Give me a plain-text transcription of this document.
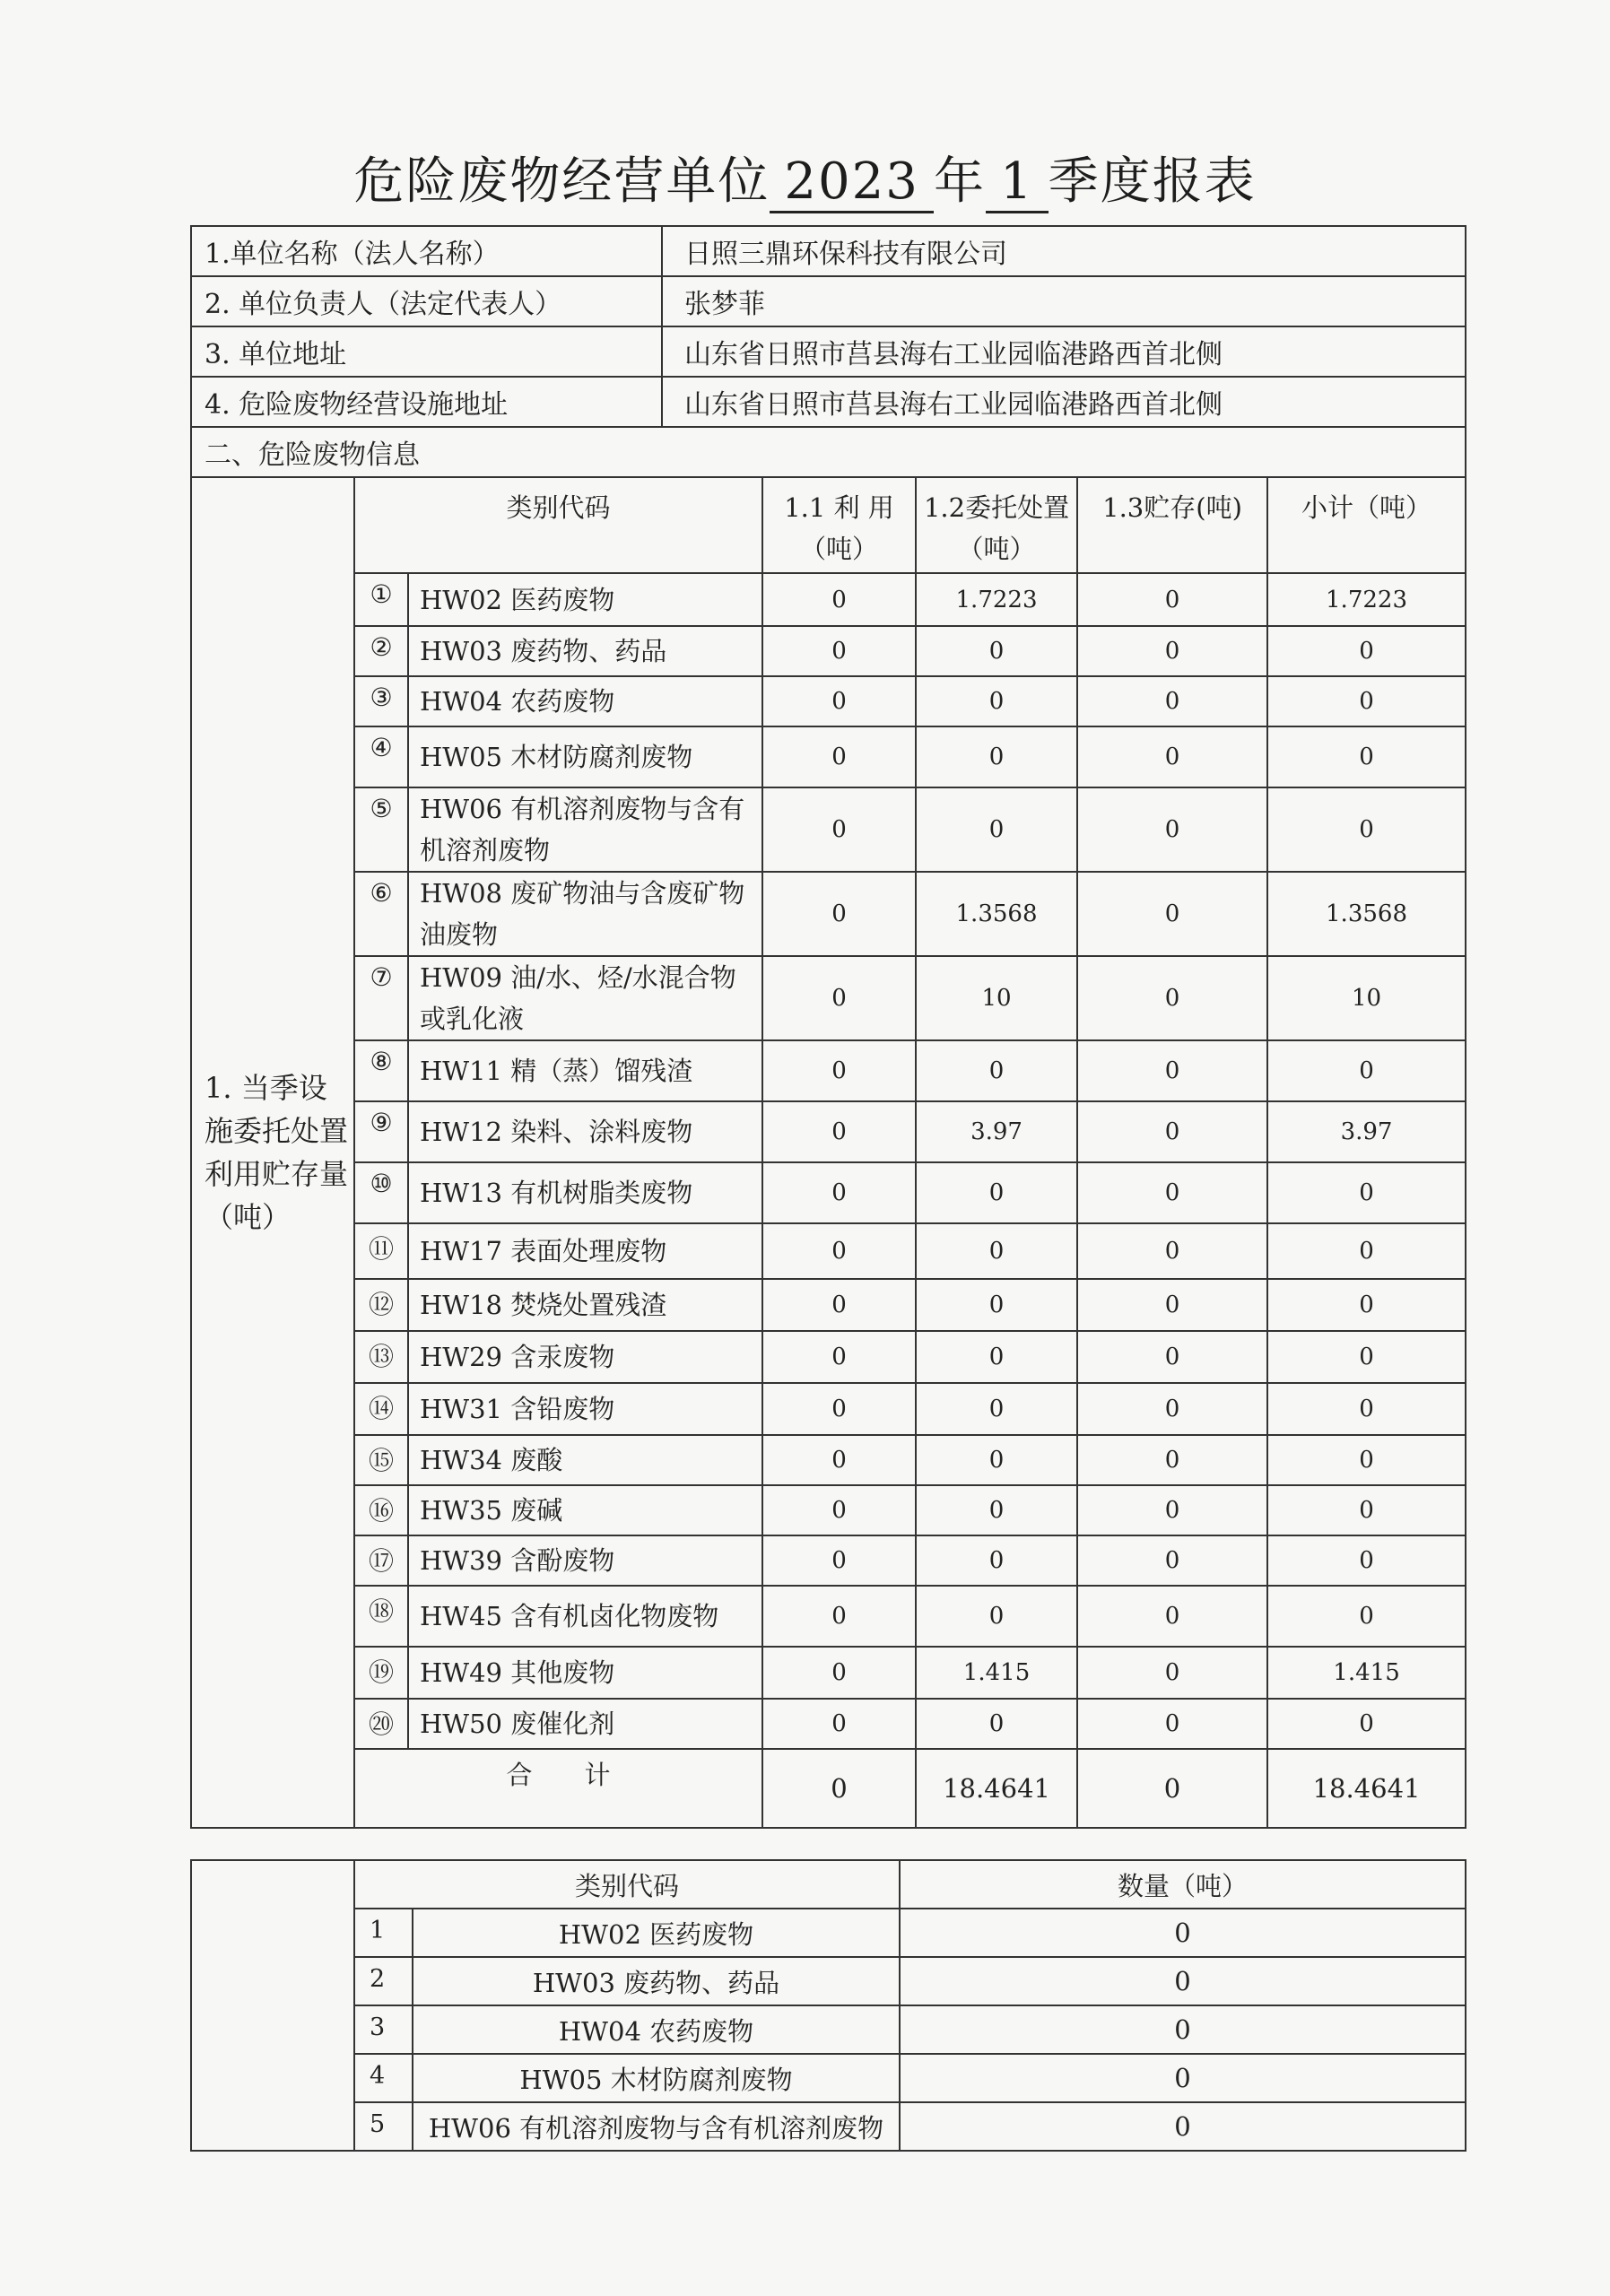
危险废物经营单位 2023 年 1 季度报表
1.单位名称（法人名称）	日照三鼎环保科技有限公司
2. 单位负责人（法定代表人）	张梦菲
3. 单位地址	山东省日照市莒县海右工业园临港路西首北侧
4. 危险废物经营设施地址	山东省日照市莒县海右工业园临港路西首北侧
二、危险废物信息	
1. 当季设施委托处置利用贮存量（吨）	类别代码		1.1 利 用（吨）	1.2委托处置（吨）	1.3贮存(吨)	小计（吨）
	①	HW02 医药废物	0	1.7223	0	1.7223
	②	HW03 废药物、药品	0	0	0	0
	③	HW04 农药废物	0	0	0	0
	④	HW05 木材防腐剂废物	0	0	0	0
	⑤	HW06 有机溶剂废物与含有机溶剂废物	0	0	0	0
	⑥	HW08 废矿物油与含废矿物油废物	0	1.3568	0	1.3568
	⑦	HW09 油/水、烃/水混合物或乳化液	0	10	0	10
	⑧	HW11 精（蒸）馏残渣	0	0	0	0
	⑨	HW12 染料、涂料废物	0	3.97	0	3.97
	⑩	HW13 有机树脂类废物	0	0	0	0
	⑪	HW17 表面处理废物	0	0	0	0
	⑫	HW18 焚烧处置残渣	0	0	0	0
	⑬	HW29 含汞废物	0	0	0	0
	⑭	HW31 含铅废物	0	0	0	0
	⑮	HW34 废酸	0	0	0	0
	⑯	HW35 废碱	0	0	0	0
	⑰	HW39 含酚废物	0	0	0	0
	⑱	HW45 含有机卤化物废物	0	0	0	0
	⑲	HW49 其他废物	0	1.415	0	1.415
	⑳	HW50 废催化剂	0	0	0	0
	合　　计		0	18.4641	0	18.4641
	类别代码		数量（吨）
	1	HW02 医药废物	0
	2	HW03 废药物、药品	0
	3	HW04 农药废物	0
	4	HW05 木材防腐剂废物	0
	5	HW06 有机溶剂废物与含有机溶剂废物	0
